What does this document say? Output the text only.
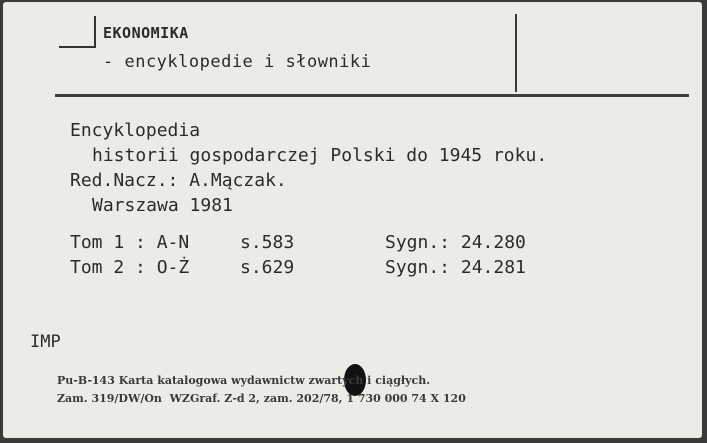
EKONOMIKA
- encyklopedie i słowniki
Encyklopedia
historii gospodarczej Polski do 1945 roku.
Red.Nacz.: A.Mączak.
Warszawa 1981
Tom 1 : A-N	s.583	Sygn.: 24.280
Tom 2 : O-Ż	s.629	Sygn.: 24.281
IMP
Pu-B-143 Karta katalogowa wydawnictw zwartych i ciągłych.
Zam. 319/DW/On  WZGraf. Z-d 2, zam. 202/78, 1 730 000 74 X 120
